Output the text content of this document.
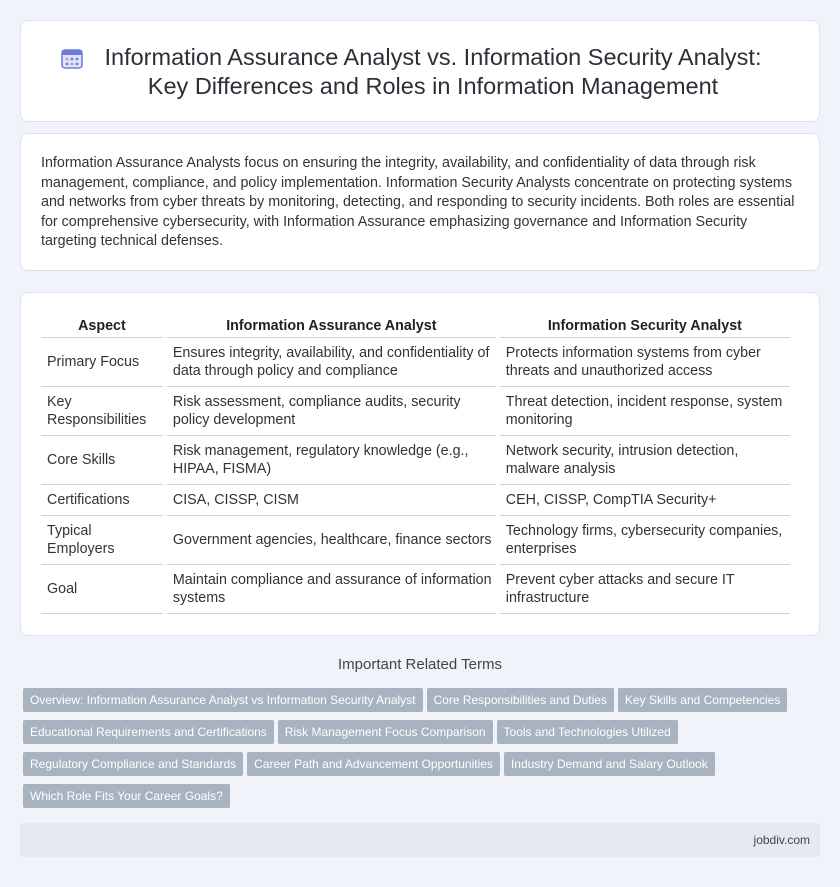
Information Assurance Analyst vs. Information Security Analyst: Key Differences and Roles in Information Management

Information Assurance Analysts focus on ensuring the integrity, availability, and confidentiality of data through risk management, compliance, and policy implementation. Information Security Analysts concentrate on protecting systems and networks from cyber threats by monitoring, detecting, and responding to security incidents. Both roles are essential for comprehensive cybersecurity, with Information Assurance emphasizing governance and Information Security targeting technical defenses.

Aspect	Information Assurance Analyst	Information Security Analyst
Primary Focus	Ensures integrity, availability, and confidentiality of data through policy and compliance	Protects information systems from cyber threats and unauthorized access
Key Responsibilities	Risk assessment, compliance audits, security policy development	Threat detection, incident response, system monitoring
Core Skills	Risk management, regulatory knowledge (e.g., HIPAA, FISMA)	Network security, intrusion detection, malware analysis
Certifications	CISA, CISSP, CISM	CEH, CISSP, CompTIA Security+
Typical Employers	Government agencies, healthcare, finance sectors	Technology firms, cybersecurity companies, enterprises
Goal	Maintain compliance and assurance of information systems	Prevent cyber attacks and secure IT infrastructure
Important Related Terms
Overview: Information Assurance Analyst vs Information Security Analyst Core Responsibilities and Duties Key Skills and CompetenciesEducational Requirements and Certifications Risk Management Focus Comparison Tools and Technologies UtilizedRegulatory Compliance and Standards Career Path and Advancement Opportunities Industry Demand and Salary OutlookWhich Role Fits Your Career Goals?
jobdiv.com
